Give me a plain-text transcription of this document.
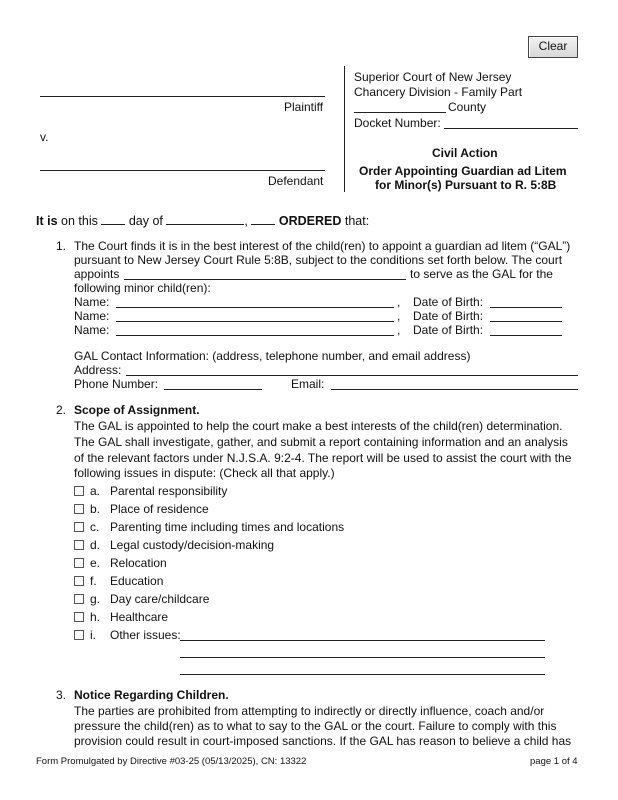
Clear
Plaintiff
v.
Defendant
Superior Court of New Jersey
Chancery Division - Family Part
County
Docket Number:
Civil Action
Order Appointing Guardian ad Litem
for Minor(s) Pursuant to R. 5:8B
It is on this day of	, ORDERED that:
1. The Court finds it is in the best interest of the child(ren) to appoint a guardian ad litem (“GAL”)
pursuant to New Jersey Court Rule 5:8B, subject to the conditions set forth below. The court
appoints	to serve as the GAL for the
following minor child(ren):
Name:	, Date of Birth:
Name:	, Date of Birth:
Name:	, Date of Birth:
GAL Contact Information: (address, telephone number, and email address)
Address:
Phone Number:	Email:
2. Scope of Assignment.
The GAL is appointed to help the court make a best interests of the child(ren) determination.
The GAL shall investigate, gather, and submit a report containing information and an analysis
of the relevant factors under N.J.S.A. 9:2-4. The report will be used to assist the court with the
following issues in dispute: (Check all that apply.)
a. Parental responsibility
b. Place of residence
c. Parenting time including times and locations
d. Legal custody/decision-making
e. Relocation
f. Education
g. Day care/childcare
h. Healthcare
i. Other issues:
3. Notice Regarding Children.
The parties are prohibited from attempting to indirectly or directly influence, coach and/or
pressure the child(ren) as to what to say to the GAL or the court. Failure to comply with this
provision could result in court-imposed sanctions. If the GAL has reason to believe a child has
Form Promulgated by Directive #03-25 (05/13/2025), CN: 13322	page 1 of 4
